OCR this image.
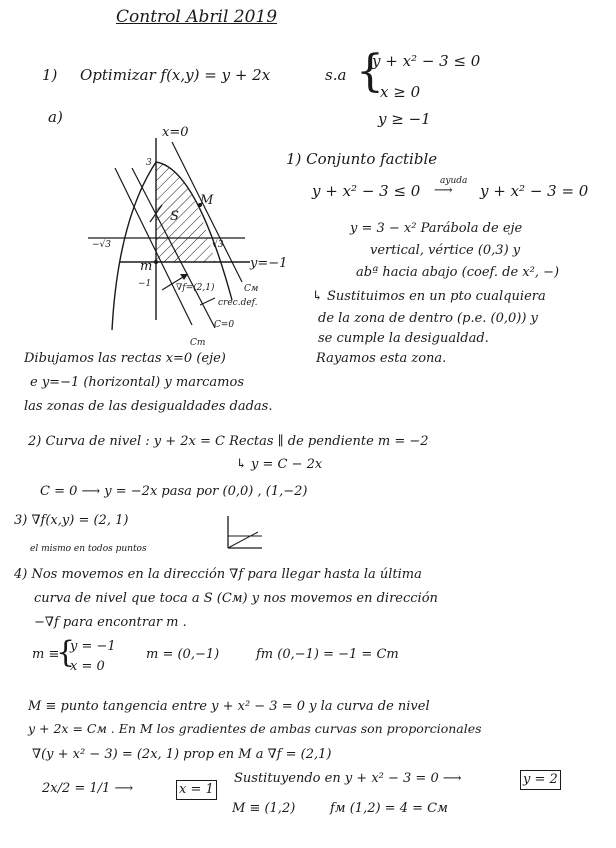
Control Abril 2019
1) Optimizar f(x,y) = y + 2x	s.a {
y + x² − 3 ≤ 0
x ≥ 0
y ≥ −1
a)
x=0
y=−1
−√3	√3
3
m
−1
M
S
∇f=(2,1)
crec.def.
Cм
C=0
Cm
1) Conjunto factible
y + x² − 3 ≤ 0
ayuda
⟶ y + x² − 3 = 0
y = 3 − x² Parábola de eje
vertical, vértice (0,3) y
abª hacia abajo (coef. de x², −)
↳ Sustituimos en un pto cualquiera
de la zona de dentro (p.e. (0,0)) y
se cumple la desigualdad.
Rayamos esta zona.
Dibujamos las rectas x=0 (eje)
e y=−1 (horizontal) y marcamos
las zonas de las desigualdades dadas.
2) Curva de nivel : y + 2x = C Rectas ∥ de pendiente m = −2
↳ y = C − 2x
C = 0 ⟶ y = −2x pasa por (0,0) , (1,−2)
3) ∇f(x,y) = (2, 1)
el mismo en todos puntos
4) Nos movemos en la dirección ∇f para llegar hasta la última
curva de nivel que toca a S (Cм) y nos movemos en dirección
−∇f para encontrar m .
m ≡
{
y = −1
x = 0
m = (0,−1)	fm (0,−1) = −1 = Cm
M ≡ punto tangencia entre y + x² − 3 = 0 y la curva de nivel
y + 2x = Cм . En M los gradientes de ambas curvas son proporcionales
∇(y + x² − 3) = (2x, 1) prop en M a ∇f = (2,1)
2x/2 = 1/1 ⟶	x = 1
Sustituyendo en y + x² − 3 = 0 ⟶	y = 2
M ≡ (1,2)	fм (1,2) = 4 = Cм
